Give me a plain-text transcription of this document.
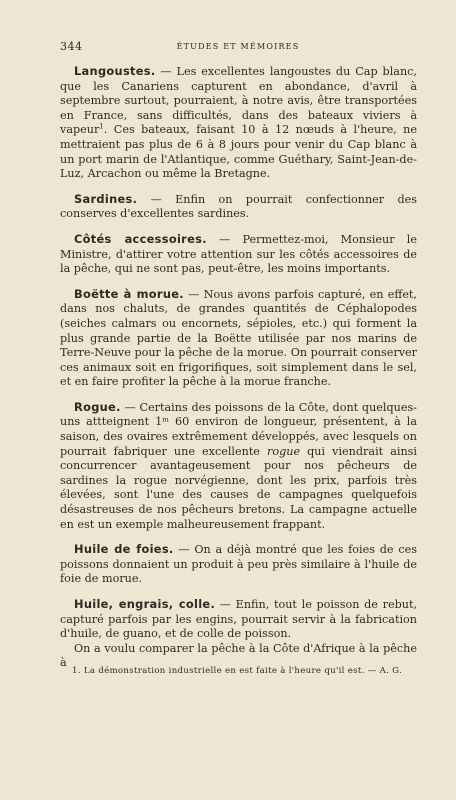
344	ÉTUDES ET MÉMOIRES

Langoustes. — Les excellentes langoustes du Cap blanc, que les Canariens capturent en abondance, d'avril à septembre surtout, pourraient, à notre avis, être transportées en France, sans difficultés, dans des bateaux viviers à vapeur$^1$. Ces bateaux, faisant 10 à 12 nœuds à l'heure, ne mettraient pas plus de 6 à 8 jours pour venir du Cap blanc à un port marin de l'Atlantique, comme Guéthary, Saint-Jean-de-Luz, Arcachon ou même la Bretagne.

Sardines. — Enfin on pourrait confectionner des conserves d'excellentes sardines.

Côtés accessoires. — Permettez-moi, Monsieur le Ministre, d'attirer votre attention sur les côtés accessoires de la pêche, qui ne sont pas, peut-être, les moins importants.

Boëtte à morue. — Nous avons parfois capturé, en effet, dans nos chaluts, de grandes quantités de Céphalopodes (seiches calmars ou encornets, sépioles, etc.) qui forment la plus grande partie de la Boëtte utilisée par nos marins de Terre-Neuve pour la pêche de la morue. On pourrait conserver ces animaux soit en frigorifiques, soit simplement dans le sel, et en faire profiter la pêche à la morue franche.

Rogue. — Certains des poissons de la Côte, dont quelques-uns attteignent 1ᵐ 60 environ de longueur, présentent, à la saison, des ovaires extrêmement développés, avec lesquels on pourrait fabriquer une excellente rogue qui viendrait ainsi concurrencer avantageusement pour nos pêcheurs de sardines la rogue norvégienne, dont les prix, parfois très élevées, sont l'une des causes de campagnes quelquefois désastreuses de nos pêcheurs bretons. La campagne actuelle en est un exemple malheureusement frappant.

Huile de foies. — On a déjà montré que les foies de ces poissons donnaient un produit à peu près similaire à l'huile de foie de morue.

Huile, engrais, colle. — Enfin, tout le poisson de rebut, capturé parfois par les engins, pourrait servir à la fabrication d'huile, de guano, et de colle de poisson.

On a voulu comparer la pêche à la Côte d'Afrique à la pêche à

1. La démonstration industrielle en est faite à l'heure qu'il est. — A. G.
